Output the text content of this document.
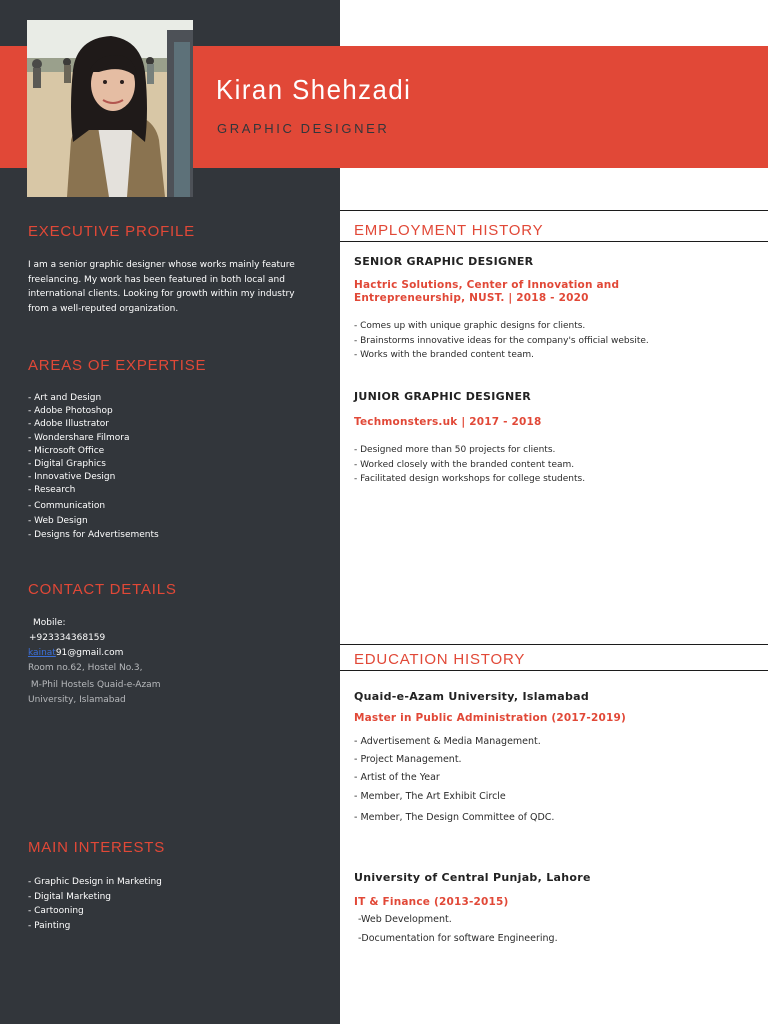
Kiran Shehzadi
GRAPHIC DESIGNER
EXECUTIVE PROFILE
I am a senior graphic designer whose works mainly feature
freelancing. My work has been featured in both local and
international clients. Looking for growth within my industry
from a well-reputed organization.
AREAS OF EXPERTISE
- Art and Design
- Adobe Photoshop
- Adobe Illustrator
- Wondershare Filmora
- Microsoft Office
- Digital Graphics
- Innovative Design
- Research
- Communication
- Web Design
- Designs for Advertisements
CONTACT DETAILS
Mobile:
+923334368159
kainat91@gmail.com
Room no.62, Hostel No.3,
M-Phil Hostels Quaid-e-Azam
University, Islamabad
MAIN INTERESTS
- Graphic Design in Marketing
- Digital Marketing
- Cartooning
- Painting
EMPLOYMENT HISTORY
SENIOR GRAPHIC DESIGNER
Hactric Solutions, Center of Innovation and
Entrepreneurship, NUST. | 2018 - 2020
- Comes up with unique graphic designs for clients.
- Brainstorms innovative ideas for the company's official website.
- Works with the branded content team.
JUNIOR GRAPHIC DESIGNER
Techmonsters.uk | 2017 - 2018
- Designed more than 50 projects for clients.
- Worked closely with the branded content team.
- Facilitated design workshops for college students.
EDUCATION HISTORY
Quaid-e-Azam University, Islamabad
Master in Public Administration (2017-2019)
- Advertisement & Media Management.
- Project Management.
- Artist of the Year
- Member, The Art Exhibit Circle
- Member, The Design Committee of QDC.
University of Central Punjab, Lahore
IT & Finance (2013-2015)
-Web Development.
-Documentation for software Engineering.
